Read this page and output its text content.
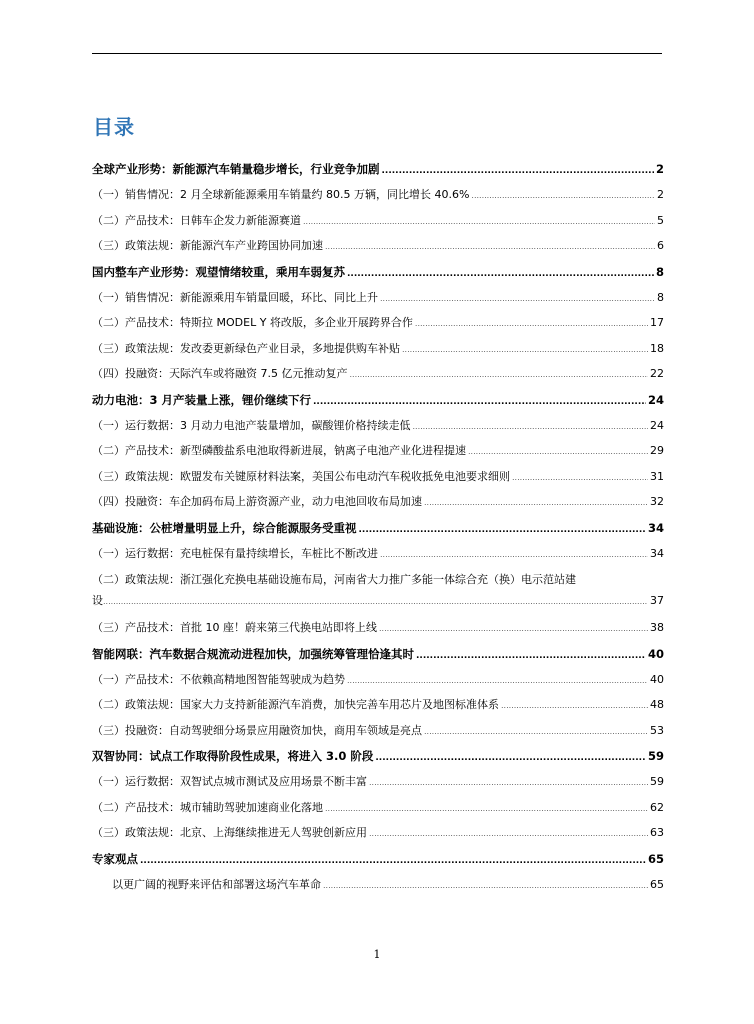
目录
全球产业形势：新能源汽车销量稳步增长，行业竞争加剧 .....	2
（一）销售情况：2 月全球新能源乘用车销量约 80.5 万辆，同比增长 40.6% .....	2
（二）产品技术：日韩车企发力新能源赛道 .....	5
（三）政策法规：新能源汽车产业跨国协同加速 .....	6
国内整车产业形势：观望情绪较重，乘用车弱复苏 .....	8
（一）销售情况：新能源乘用车销量回暖，环比、同比上升 .....	8
（二）产品技术：特斯拉 MODEL Y 将改版，多企业开展跨界合作 .....	17
（三）政策法规：发改委更新绿色产业目录，多地提供购车补贴 .....	18
（四）投融资：天际汽车或将融资 7.5 亿元推动复产 .....	22
动力电池：3 月产装量上涨，锂价继续下行 .....	24
（一）运行数据：3 月动力电池产装量增加，碳酸锂价格持续走低 .....	24
（二）产品技术：新型磷酸盐系电池取得新进展，钠离子电池产业化进程提速 .....	29
（三）政策法规：欧盟发布关键原材料法案，美国公布电动汽车税收抵免电池要求细则 .....	31
（四）投融资：车企加码布局上游资源产业，动力电池回收布局加速 .....	32
基础设施：公桩增量明显上升，综合能源服务受重视 .....	34
（一）运行数据：充电桩保有量持续增长，车桩比不断改进 .....	34
（二）政策法规：浙江强化充换电基础设施布局，河南省大力推广多能一体综合充（换）电示范站建
设 .....	37
（三）产品技术：首批 10 座！蔚来第三代换电站即将上线 .....	38
智能网联：汽车数据合规流动进程加快，加强统筹管理恰逢其时 .....	40
（一）产品技术：不依赖高精地图智能驾驶成为趋势 .....	40
（二）政策法规：国家大力支持新能源汽车消费，加快完善车用芯片及地图标准体系 .....	48
（三）投融资：自动驾驶细分场景应用融资加快，商用车领域是亮点 .....	53
双智协同：试点工作取得阶段性成果，将进入 3.0 阶段 .....	59
（一）运行数据：双智试点城市测试及应用场景不断丰富 .....	59
（二）产品技术：城市辅助驾驶加速商业化落地 .....	62
（三）政策法规：北京、上海继续推进无人驾驶创新应用 .....	63
专家观点 .....	65
以更广阔的视野来评估和部署这场汽车革命 .....	65
1
